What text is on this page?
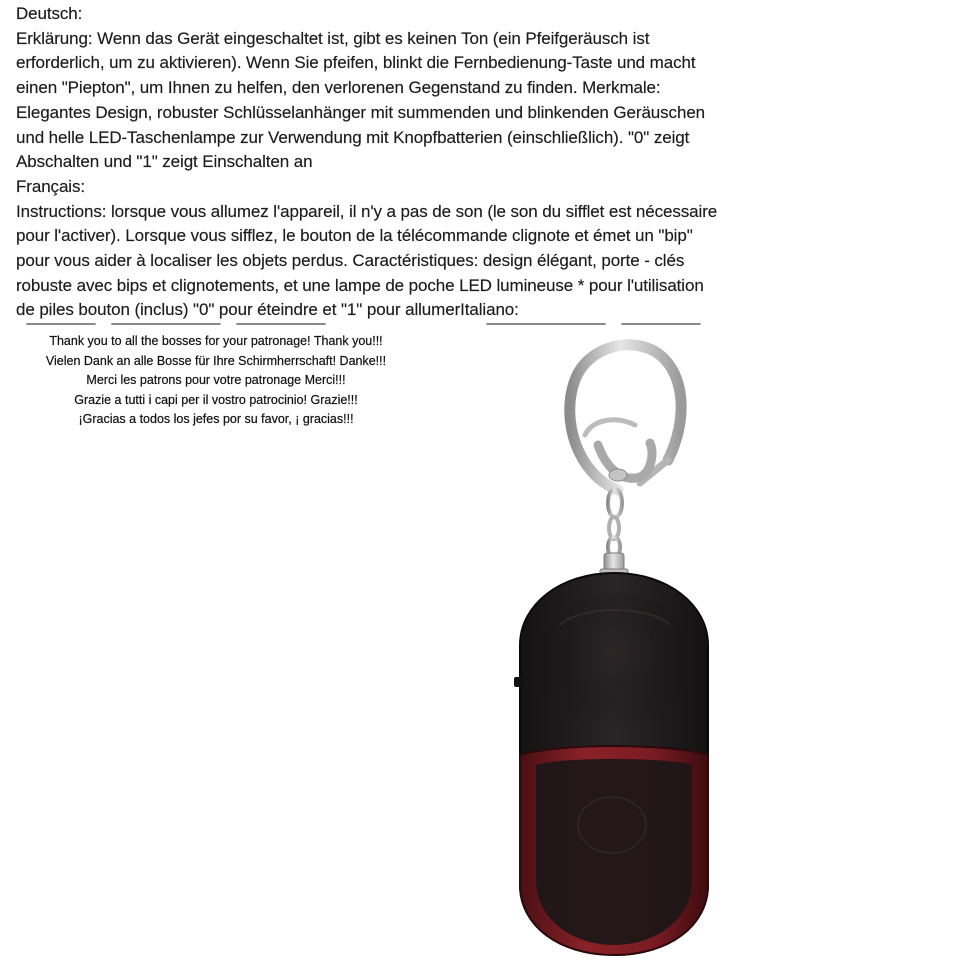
Deutsch:
Erklärung: Wenn das Gerät eingeschaltet ist, gibt es keinen Ton (ein Pfeifgeräusch ist
erforderlich, um zu aktivieren). Wenn Sie pfeifen, blinkt die Fernbedienung-Taste und macht
einen "Piepton", um Ihnen zu helfen, den verlorenen Gegenstand zu finden. Merkmale:
Elegantes Design, robuster Schlüsselanhänger mit summenden und blinkenden Geräuschen
und helle LED-Taschenlampe zur Verwendung mit Knopfbatterien (einschließlich). "0" zeigt
Abschalten und "1" zeigt Einschalten an
Français:
Instructions: lorsque vous allumez l'appareil, il n'y a pas de son (le son du sifflet est nécessaire
pour l'activer). Lorsque vous sifflez, le bouton de la télécommande clignote et émet un "bip"
pour vous aider à localiser les objets perdus. Caractéristiques: design élégant, porte - clés
robuste avec bips et clignotements, et une lampe de poche LED lumineuse * pour l'utilisation
de piles bouton (inclus) "0" pour éteindre et "1" pour allumerItaliano:
Thank you to all the bosses for your patronage! Thank you!!!
Vielen Dank an alle Bosse für Ihre Schirmherrschaft! Danke!!!
Merci les patrons pour votre patronage Merci!!!
Grazie a tutti i capi per il vostro patrocinio! Grazie!!!
¡Gracias a todos los jefes por su favor, ¡ gracias!!!
